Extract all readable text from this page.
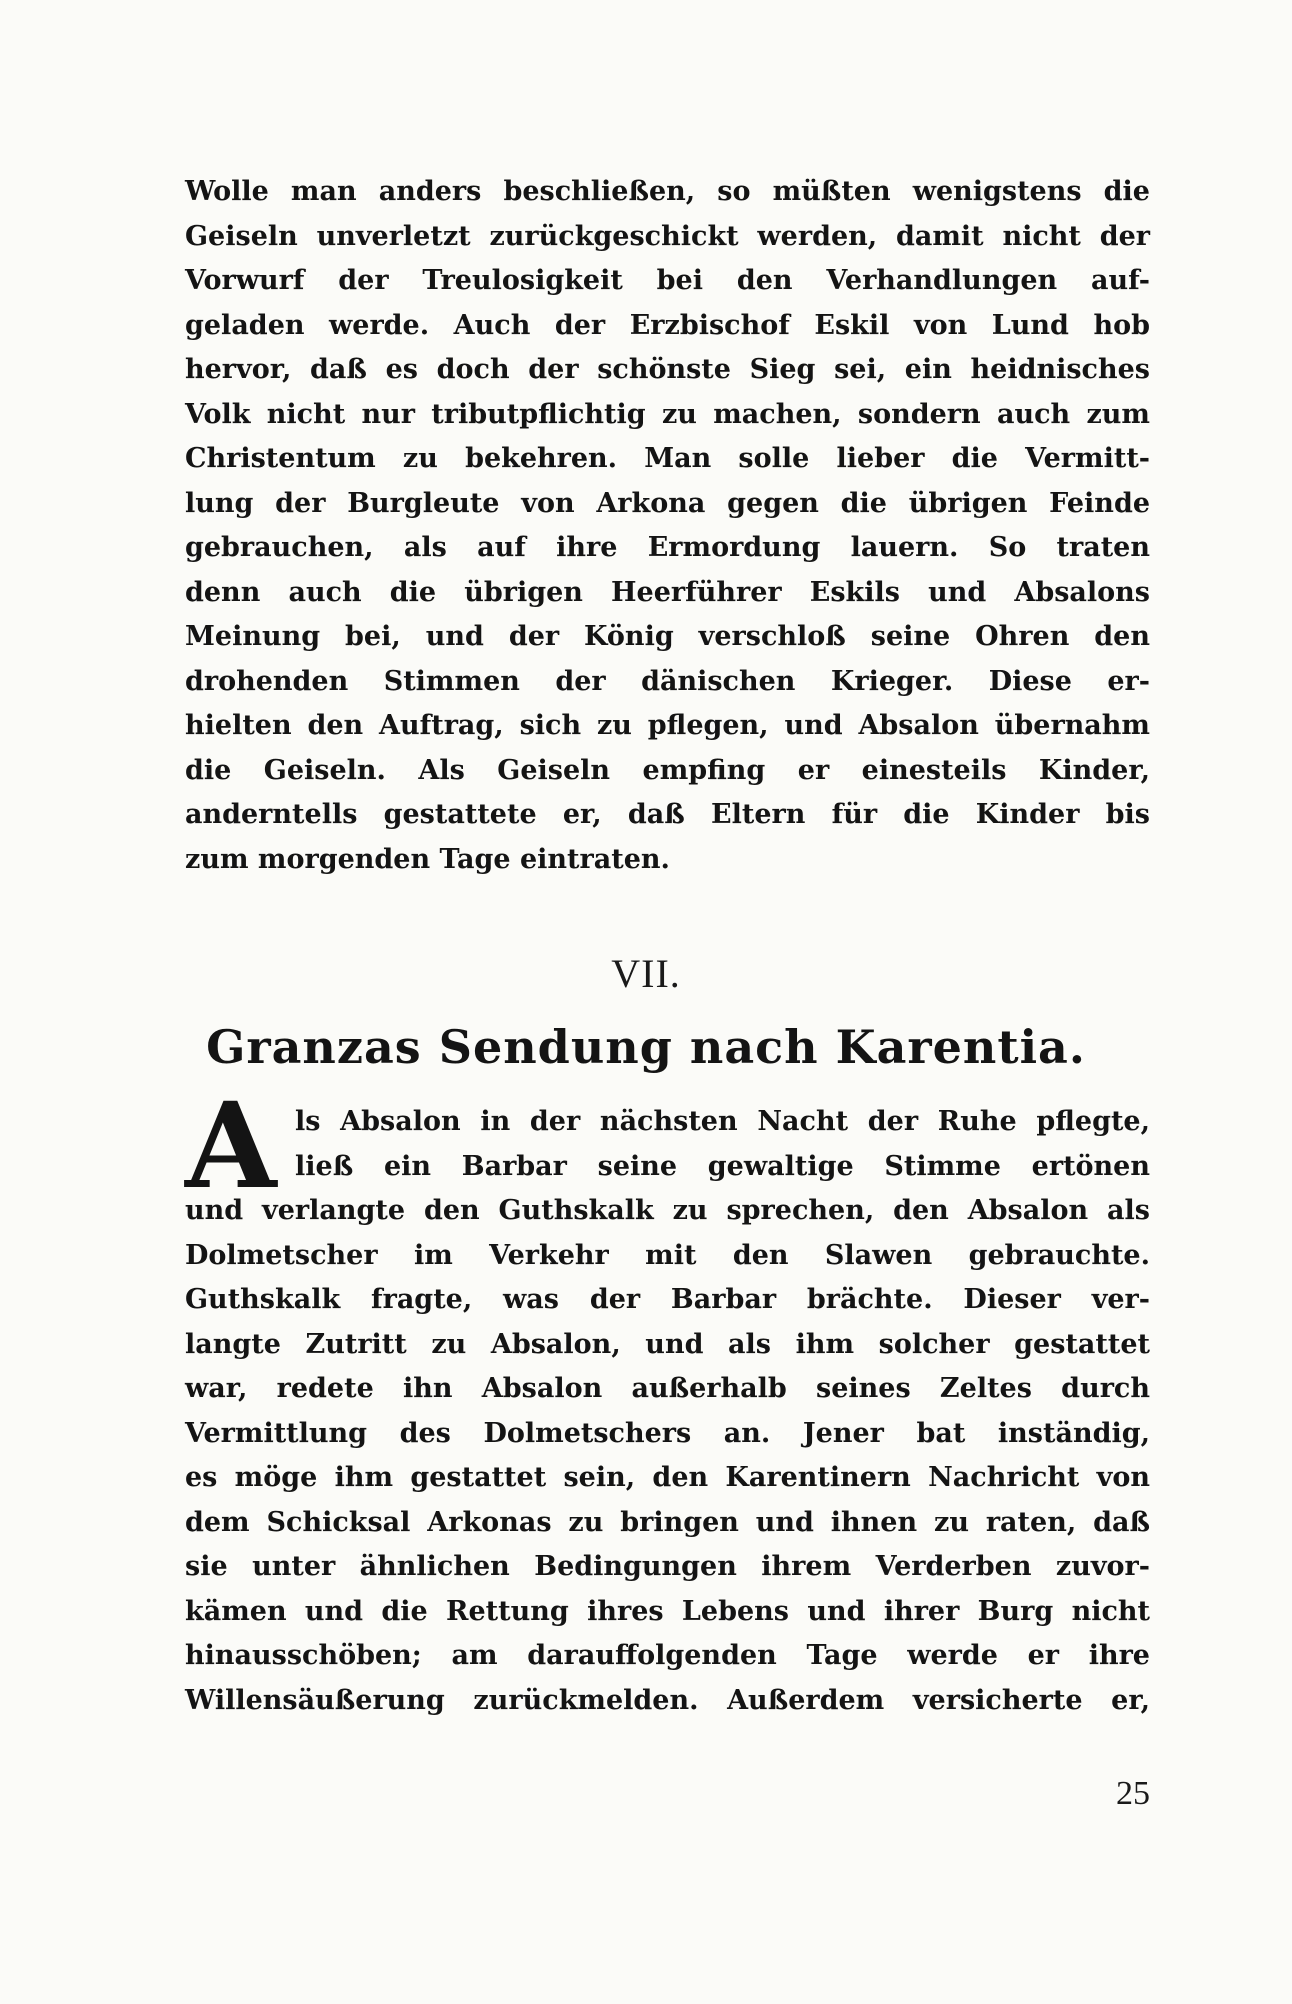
Wolle man anders beschließen, so müßten wenigstens die
Geiseln unverletzt zurückgeschickt werden, damit nicht der
Vorwurf der Treulosigkeit bei den Verhandlungen auf-
geladen werde. Auch der Erzbischof Eskil von Lund hob
hervor, daß es doch der schönste Sieg sei, ein heidnisches
Volk nicht nur tributpflichtig zu machen, sondern auch zum
Christentum zu bekehren. Man solle lieber die Vermitt-
lung der Burgleute von Arkona gegen die übrigen Feinde
gebrauchen, als auf ihre Ermordung lauern. So traten
denn auch die übrigen Heerführer Eskils und Absalons
Meinung bei, und der König verschloß seine Ohren den
drohenden Stimmen der dänischen Krieger. Diese er-
hielten den Auftrag, sich zu pflegen, und Absalon übernahm
die Geiseln. Als Geiseln empfing er einesteils Kinder,
anderntells gestattete er, daß Eltern für die Kinder bis
zum morgenden Tage eintraten.
VII.
Granzas Sendung nach Karentia.
A ls Absalon in der nächsten Nacht der Ruhe pflegte,
ließ ein Barbar seine gewaltige Stimme ertönen
und verlangte den Guthskalk zu sprechen, den Absalon als
Dolmetscher im Verkehr mit den Slawen gebrauchte.
Guthskalk fragte, was der Barbar brächte. Dieser ver-
langte Zutritt zu Absalon, und als ihm solcher gestattet
war, redete ihn Absalon außerhalb seines Zeltes durch
Vermittlung des Dolmetschers an. Jener bat inständig,
es möge ihm gestattet sein, den Karentinern Nachricht von
dem Schicksal Arkonas zu bringen und ihnen zu raten, daß
sie unter ähnlichen Bedingungen ihrem Verderben zuvor-
kämen und die Rettung ihres Lebens und ihrer Burg nicht
hinausschöben; am darauffolgenden Tage werde er ihre
Willensäußerung zurückmelden. Außerdem versicherte er,
25
